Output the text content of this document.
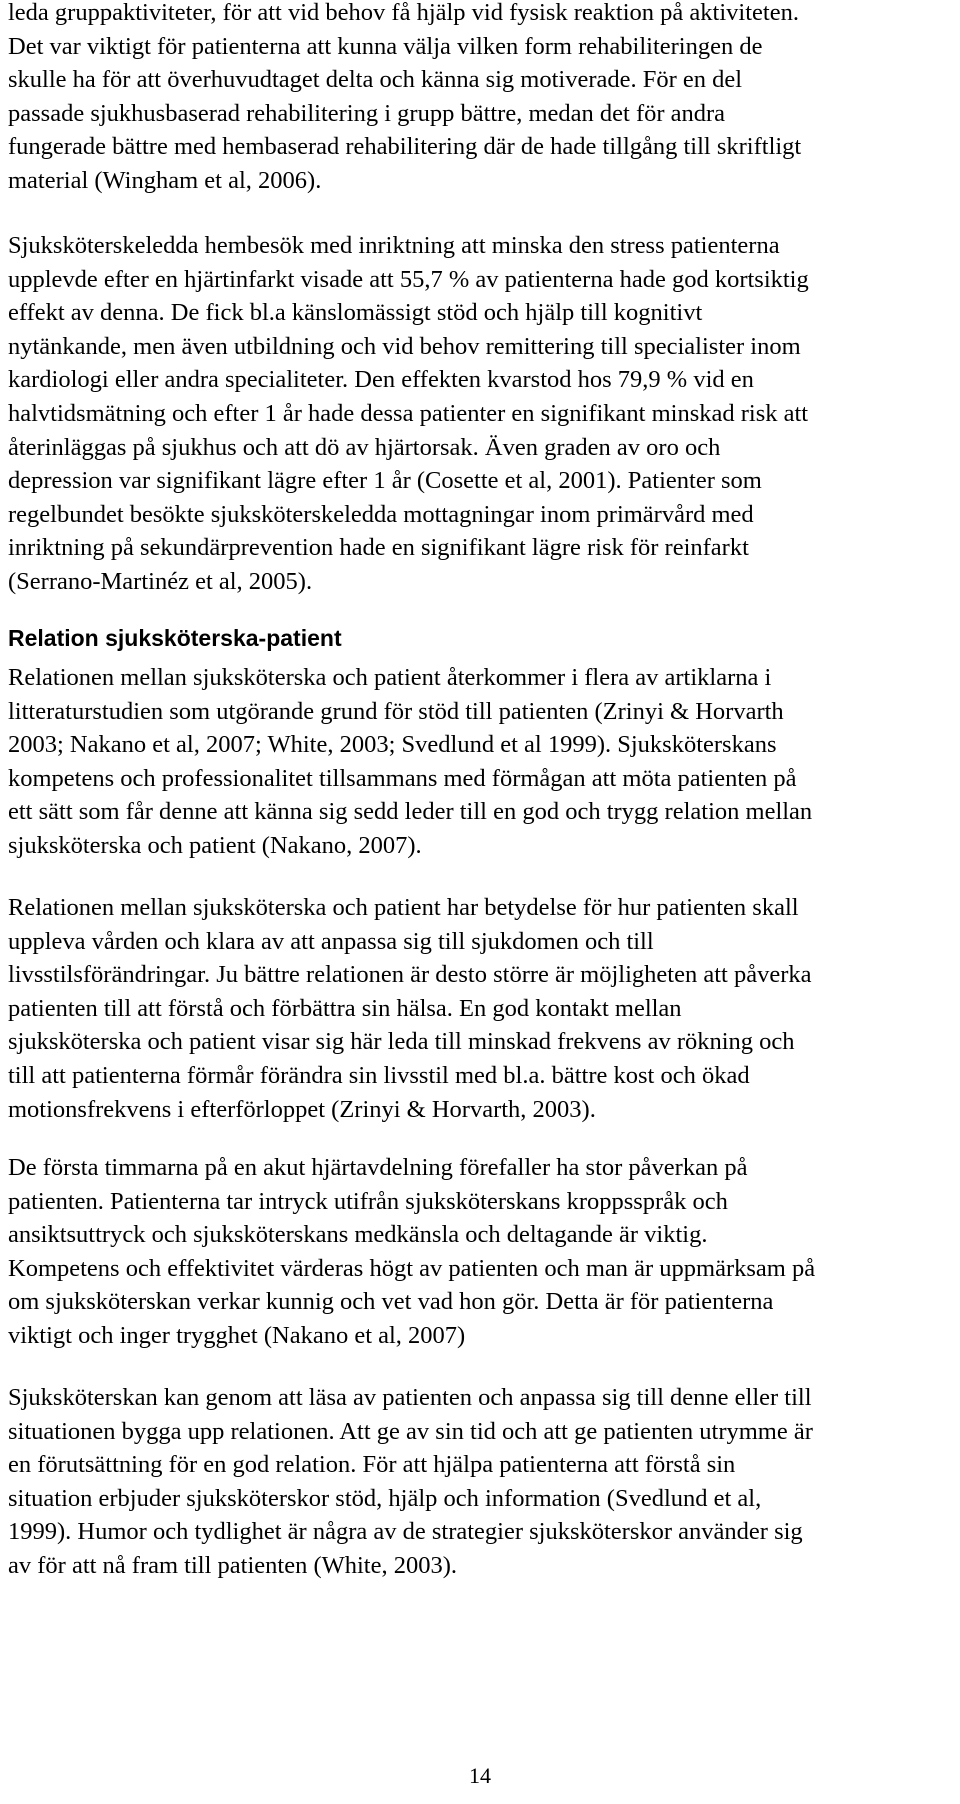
leda gruppaktiviteter, för att vid behov få hjälp vid fysisk reaktion på aktiviteten.
Det var viktigt för patienterna att kunna välja vilken form rehabiliteringen de
skulle ha för att överhuvudtaget delta och känna sig motiverade. För en del
passade sjukhusbaserad rehabilitering i grupp bättre, medan det för andra
fungerade bättre med hembaserad rehabilitering där de hade tillgång till skriftligt
material (Wingham et al, 2006).

Sjuksköterskeledda hembesök med inriktning att minska den stress patienterna
upplevde efter en hjärtinfarkt visade att 55,7 % av patienterna hade god kortsiktig
effekt av denna. De fick bl.a känslomässigt stöd och hjälp till kognitivt
nytänkande, men även utbildning och vid behov remittering till specialister inom
kardiologi eller andra specialiteter. Den effekten kvarstod hos 79,9 % vid en
halvtidsmätning och efter 1 år hade dessa patienter en signifikant minskad risk att
återinläggas på sjukhus och att dö av hjärtorsak. Även graden av oro och
depression var signifikant lägre efter 1 år (Cosette et al, 2001). Patienter som
regelbundet besökte sjuksköterskeledda mottagningar inom primärvård med
inriktning på sekundärprevention hade en signifikant lägre risk för reinfarkt
(Serrano-Martinéz et al, 2005).

Relation sjuksköterska-patient

Relationen mellan sjuksköterska och patient återkommer i flera av artiklarna i
litteraturstudien som utgörande grund för stöd till patienten (Zrinyi & Horvarth
2003; Nakano et al, 2007; White, 2003; Svedlund et al 1999). Sjuksköterskans
kompetens och professionalitet tillsammans med förmågan att möta patienten på
ett sätt som får denne att känna sig sedd leder till en god och trygg relation mellan
sjuksköterska och patient (Nakano, 2007).

Relationen mellan sjuksköterska och patient har betydelse för hur patienten skall
uppleva vården och klara av att anpassa sig till sjukdomen och till
livsstilsförändringar. Ju bättre relationen är desto större är möjligheten att påverka
patienten till att förstå och förbättra sin hälsa. En god kontakt mellan
sjuksköterska och patient visar sig här leda till minskad frekvens av rökning och
till att patienterna förmår förändra sin livsstil med bl.a. bättre kost och ökad
motionsfrekvens i efterförloppet (Zrinyi & Horvarth, 2003).

De första timmarna på en akut hjärtavdelning förefaller ha stor påverkan på
patienten. Patienterna tar intryck utifrån sjuksköterskans kroppsspråk och
ansiktsuttryck och sjuksköterskans medkänsla och deltagande är viktig.
Kompetens och effektivitet värderas högt av patienten och man är uppmärksam på
om sjuksköterskan verkar kunnig och vet vad hon gör. Detta är för patienterna
viktigt och inger trygghet (Nakano et al, 2007)

Sjuksköterskan kan genom att läsa av patienten och anpassa sig till denne eller till
situationen bygga upp relationen. Att ge av sin tid och att ge patienten utrymme är
en förutsättning för en god relation. För att hjälpa patienterna att förstå sin
situation erbjuder sjuksköterskor stöd, hjälp och information (Svedlund et al,
1999). Humor och tydlighet är några av de strategier sjuksköterskor använder sig
av för att nå fram till patienten (White, 2003).

14
